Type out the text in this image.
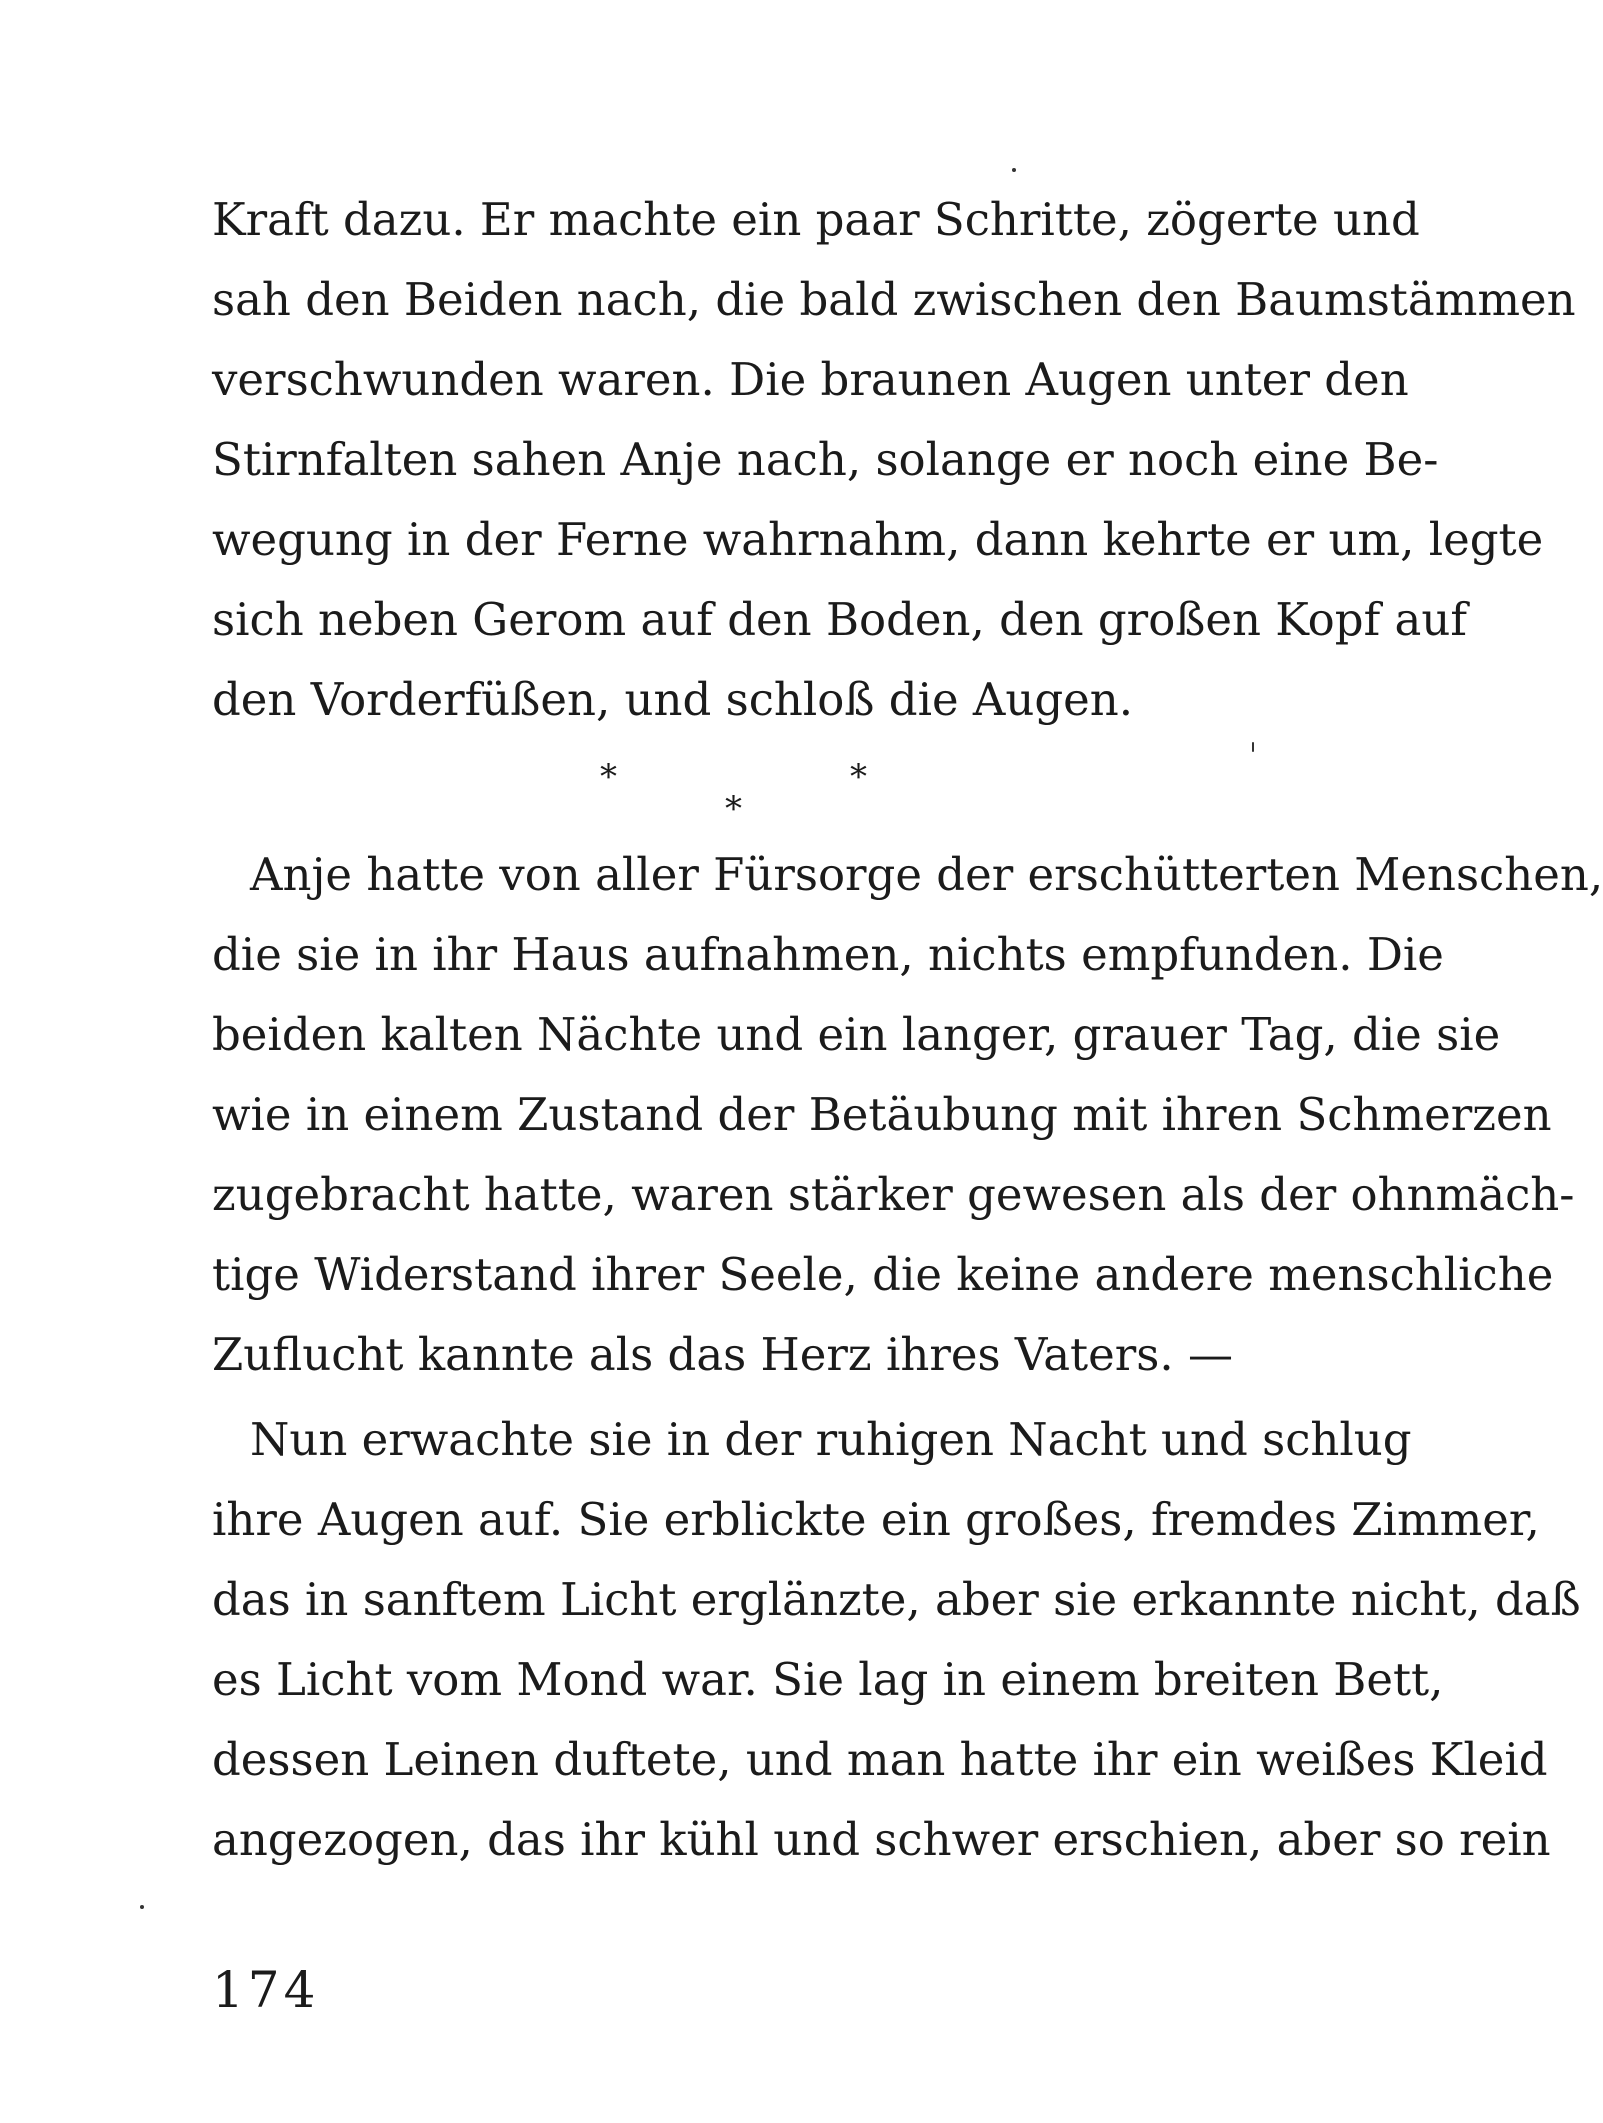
Kraft dazu. Er machte ein paar Schritte, zögerte und
sah den Beiden nach, die bald zwischen den Baumstämmen
verschwunden waren. Die braunen Augen unter den
Stirnfalten sahen Anje nach, solange er noch eine Be-
wegung in der Ferne wahrnahm, dann kehrte er um, legte
sich neben Gerom auf den Boden, den großen Kopf auf
den Vorderfüßen, und schloß die Augen.
*	*
*
Anje hatte von aller Fürsorge der erschütterten Menschen,
die sie in ihr Haus aufnahmen, nichts empfunden. Die
beiden kalten Nächte und ein langer, grauer Tag, die sie
wie in einem Zustand der Betäubung mit ihren Schmerzen
zugebracht hatte, waren stärker gewesen als der ohnmäch-
tige Widerstand ihrer Seele, die keine andere menschliche
Zuflucht kannte als das Herz ihres Vaters. —
Nun erwachte sie in der ruhigen Nacht und schlug
ihre Augen auf. Sie erblickte ein großes, fremdes Zimmer,
das in sanftem Licht erglänzte, aber sie erkannte nicht, daß
es Licht vom Mond war. Sie lag in einem breiten Bett,
dessen Leinen duftete, und man hatte ihr ein weißes Kleid
angezogen, das ihr kühl und schwer erschien, aber so rein
174
